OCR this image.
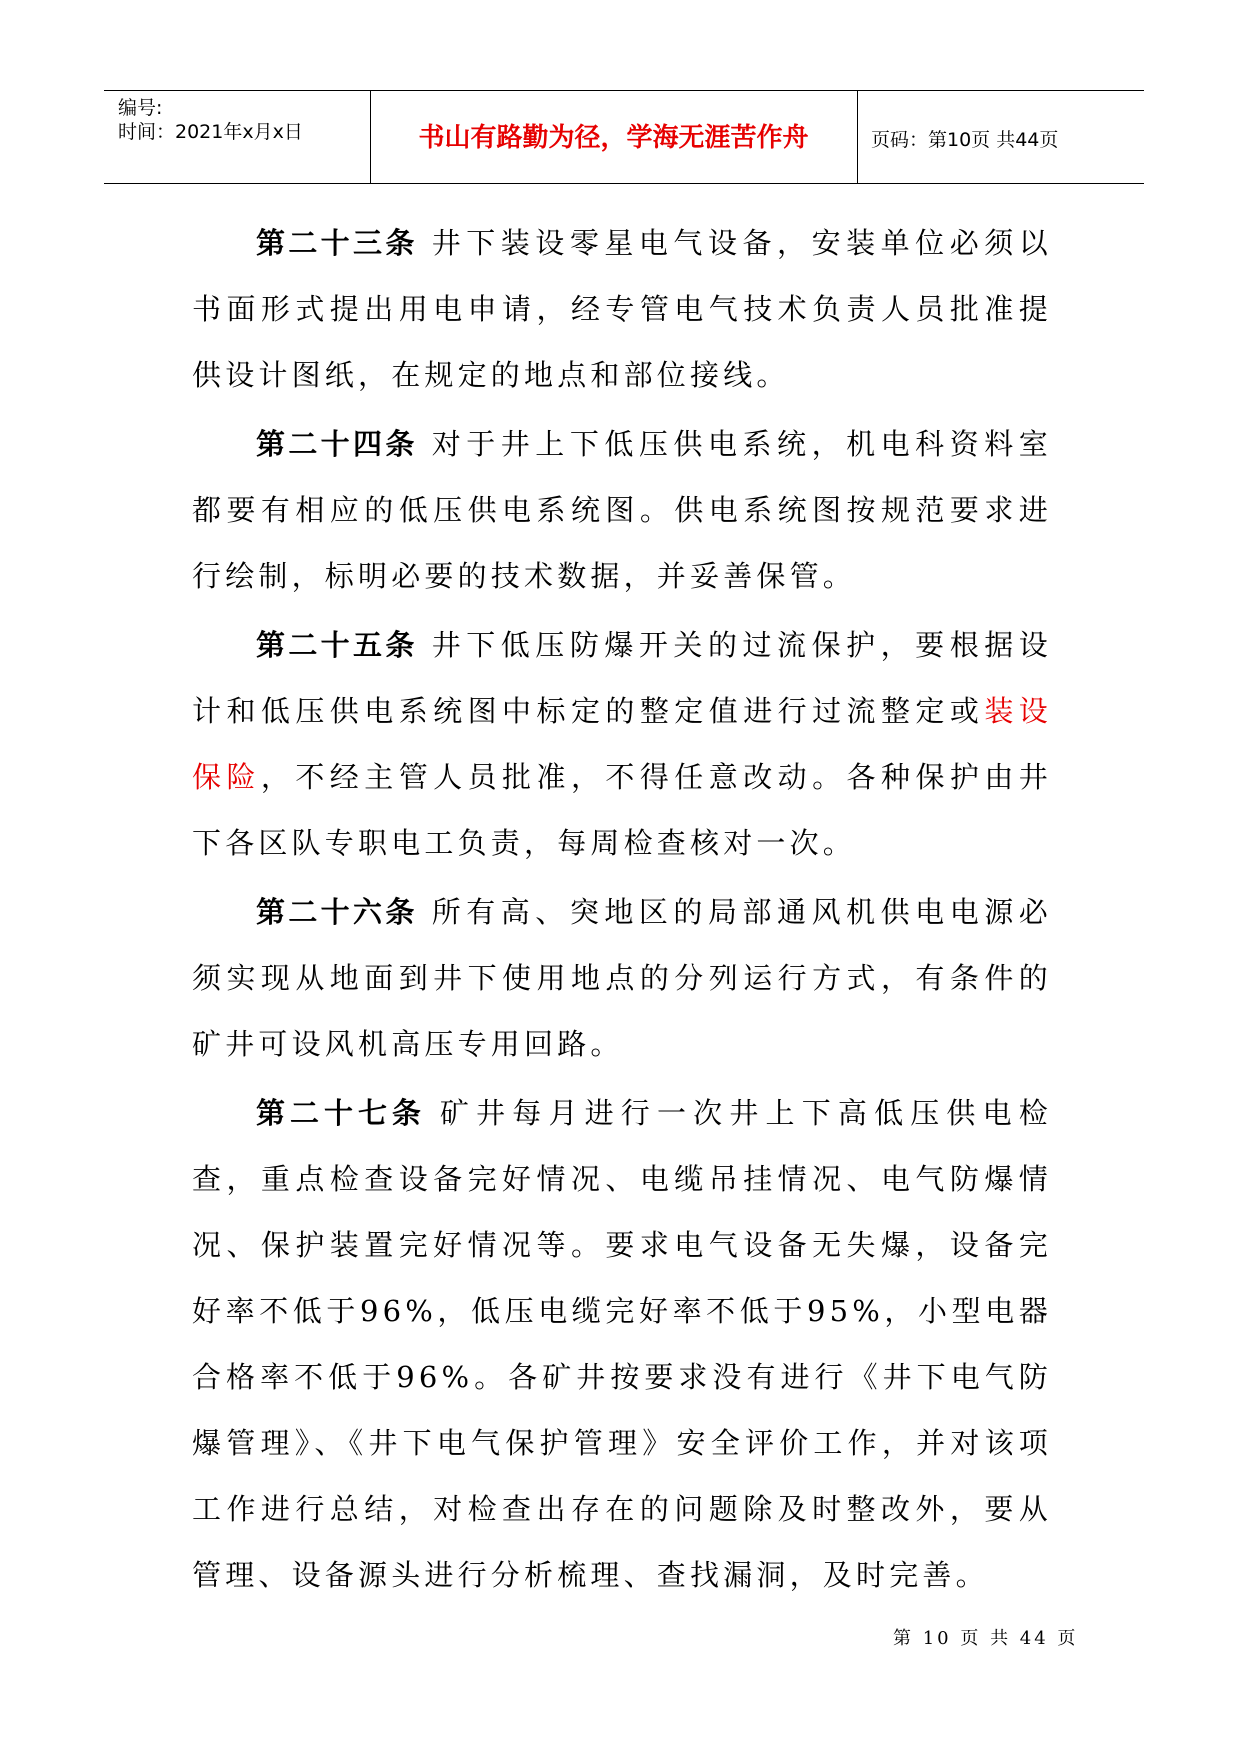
编号:
时间：2021年x月x日	书山有路勤为径，学海无涯苦作舟	页码：第10页 共44页

第二十三条 井下装设零星电气设备，安装单位必须以书面形式提出用电申请，经专管电气技术负责人员批准提供设计图纸，在规定的地点和部位接线。

第二十四条 对于井上下低压供电系统，机电科资料室都要有相应的低压供电系统图。供电系统图按规范要求进行绘制，标明必要的技术数据，并妥善保管。

第二十五条 井下低压防爆开关的过流保护，要根据设计和低压供电系统图中标定的整定值进行过流整定或装设保险，不经主管人员批准，不得任意改动。各种保护由井下各区队专职电工负责，每周检查核对一次。

第二十六条 所有高、突地区的局部通风机供电电源必须实现从地面到井下使用地点的分列运行方式，有条件的矿井可设风机高压专用回路。

第二十七条 矿井每月进行一次井上下高低压供电检查，重点检查设备完好情况、电缆吊挂情况、电气防爆情况、保护装置完好情况等。要求电气设备无失爆，设备完好率不低于96%，低压电缆完好率不低于95%，小型电器合格率不低于96%。各矿井按要求没有进行《井下电气防爆管理》、《井下电气保护管理》安全评价工作，并对该项工作进行总结，对检查出存在的问题除及时整改外，要从管理、设备源头进行分析梳理、查找漏洞，及时完善。

第 10 页 共 44 页
